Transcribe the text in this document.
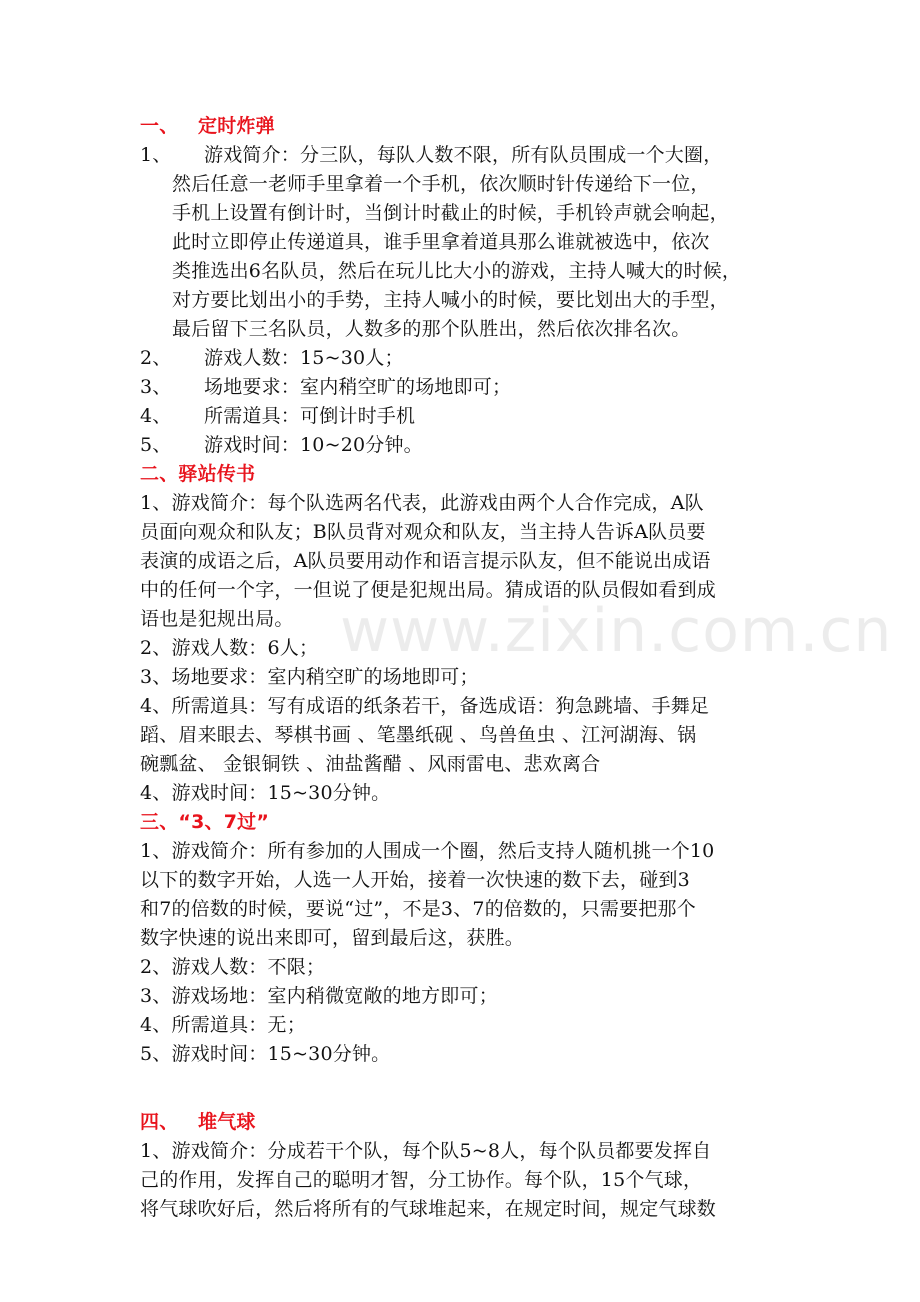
www.zixin.com.cn
一、 定时炸弹
1、 游戏简介：分三队，每队人数不限，所有队员围成一个大圈，
然后任意一老师手里拿着一个手机，依次顺时针传递给下一位，
手机上设置有倒计时，当倒计时截止的时候，手机铃声就会响起，
此时立即停止传递道具，谁手里拿着道具那么谁就被选中，依次
类推选出6名队员，然后在玩儿比大小的游戏，主持人喊大的时候，
对方要比划出小的手势，主持人喊小的时候，要比划出大的手型，
最后留下三名队员，人数多的那个队胜出，然后依次排名次。
2、 游戏人数：15~30人；
3、 场地要求：室内稍空旷的场地即可；
4、 所需道具：可倒计时手机
5、 游戏时间：10~20分钟。
二、驿站传书
1、游戏简介：每个队选两名代表，此游戏由两个人合作完成，A队
员面向观众和队友；B队员背对观众和队友，当主持人告诉A队员要
表演的成语之后，A队员要用动作和语言提示队友，但不能说出成语
中的任何一个字，一但说了便是犯规出局。猜成语的队员假如看到成
语也是犯规出局。
2、游戏人数：6人；
3、场地要求：室内稍空旷的场地即可；
4、所需道具：写有成语的纸条若干，备选成语：狗急跳墙、手舞足
蹈、眉来眼去、琴棋书画 、笔墨纸砚 、鸟兽鱼虫 、江河湖海、锅
碗瓢盆、 金银铜铁 、油盐酱醋 、风雨雷电、悲欢离合
4、游戏时间：15~30分钟。
三、“3、7过”
1、游戏简介：所有参加的人围成一个圈，然后支持人随机挑一个10
以下的数字开始，人选一人开始，接着一次快速的数下去，碰到3
和7的倍数的时候，要说“过”，不是3、7的倍数的，只需要把那个
数字快速的说出来即可，留到最后这，获胜。
2、游戏人数：不限；
3、游戏场地：室内稍微宽敞的地方即可；
4、所需道具：无；
5、游戏时间：15~30分钟。
四、 堆气球
1、游戏简介：分成若干个队，每个队5~8人，每个队员都要发挥自
己的作用，发挥自己的聪明才智，分工协作。每个队，15个气球，
将气球吹好后，然后将所有的气球堆起来，在规定时间，规定气球数
